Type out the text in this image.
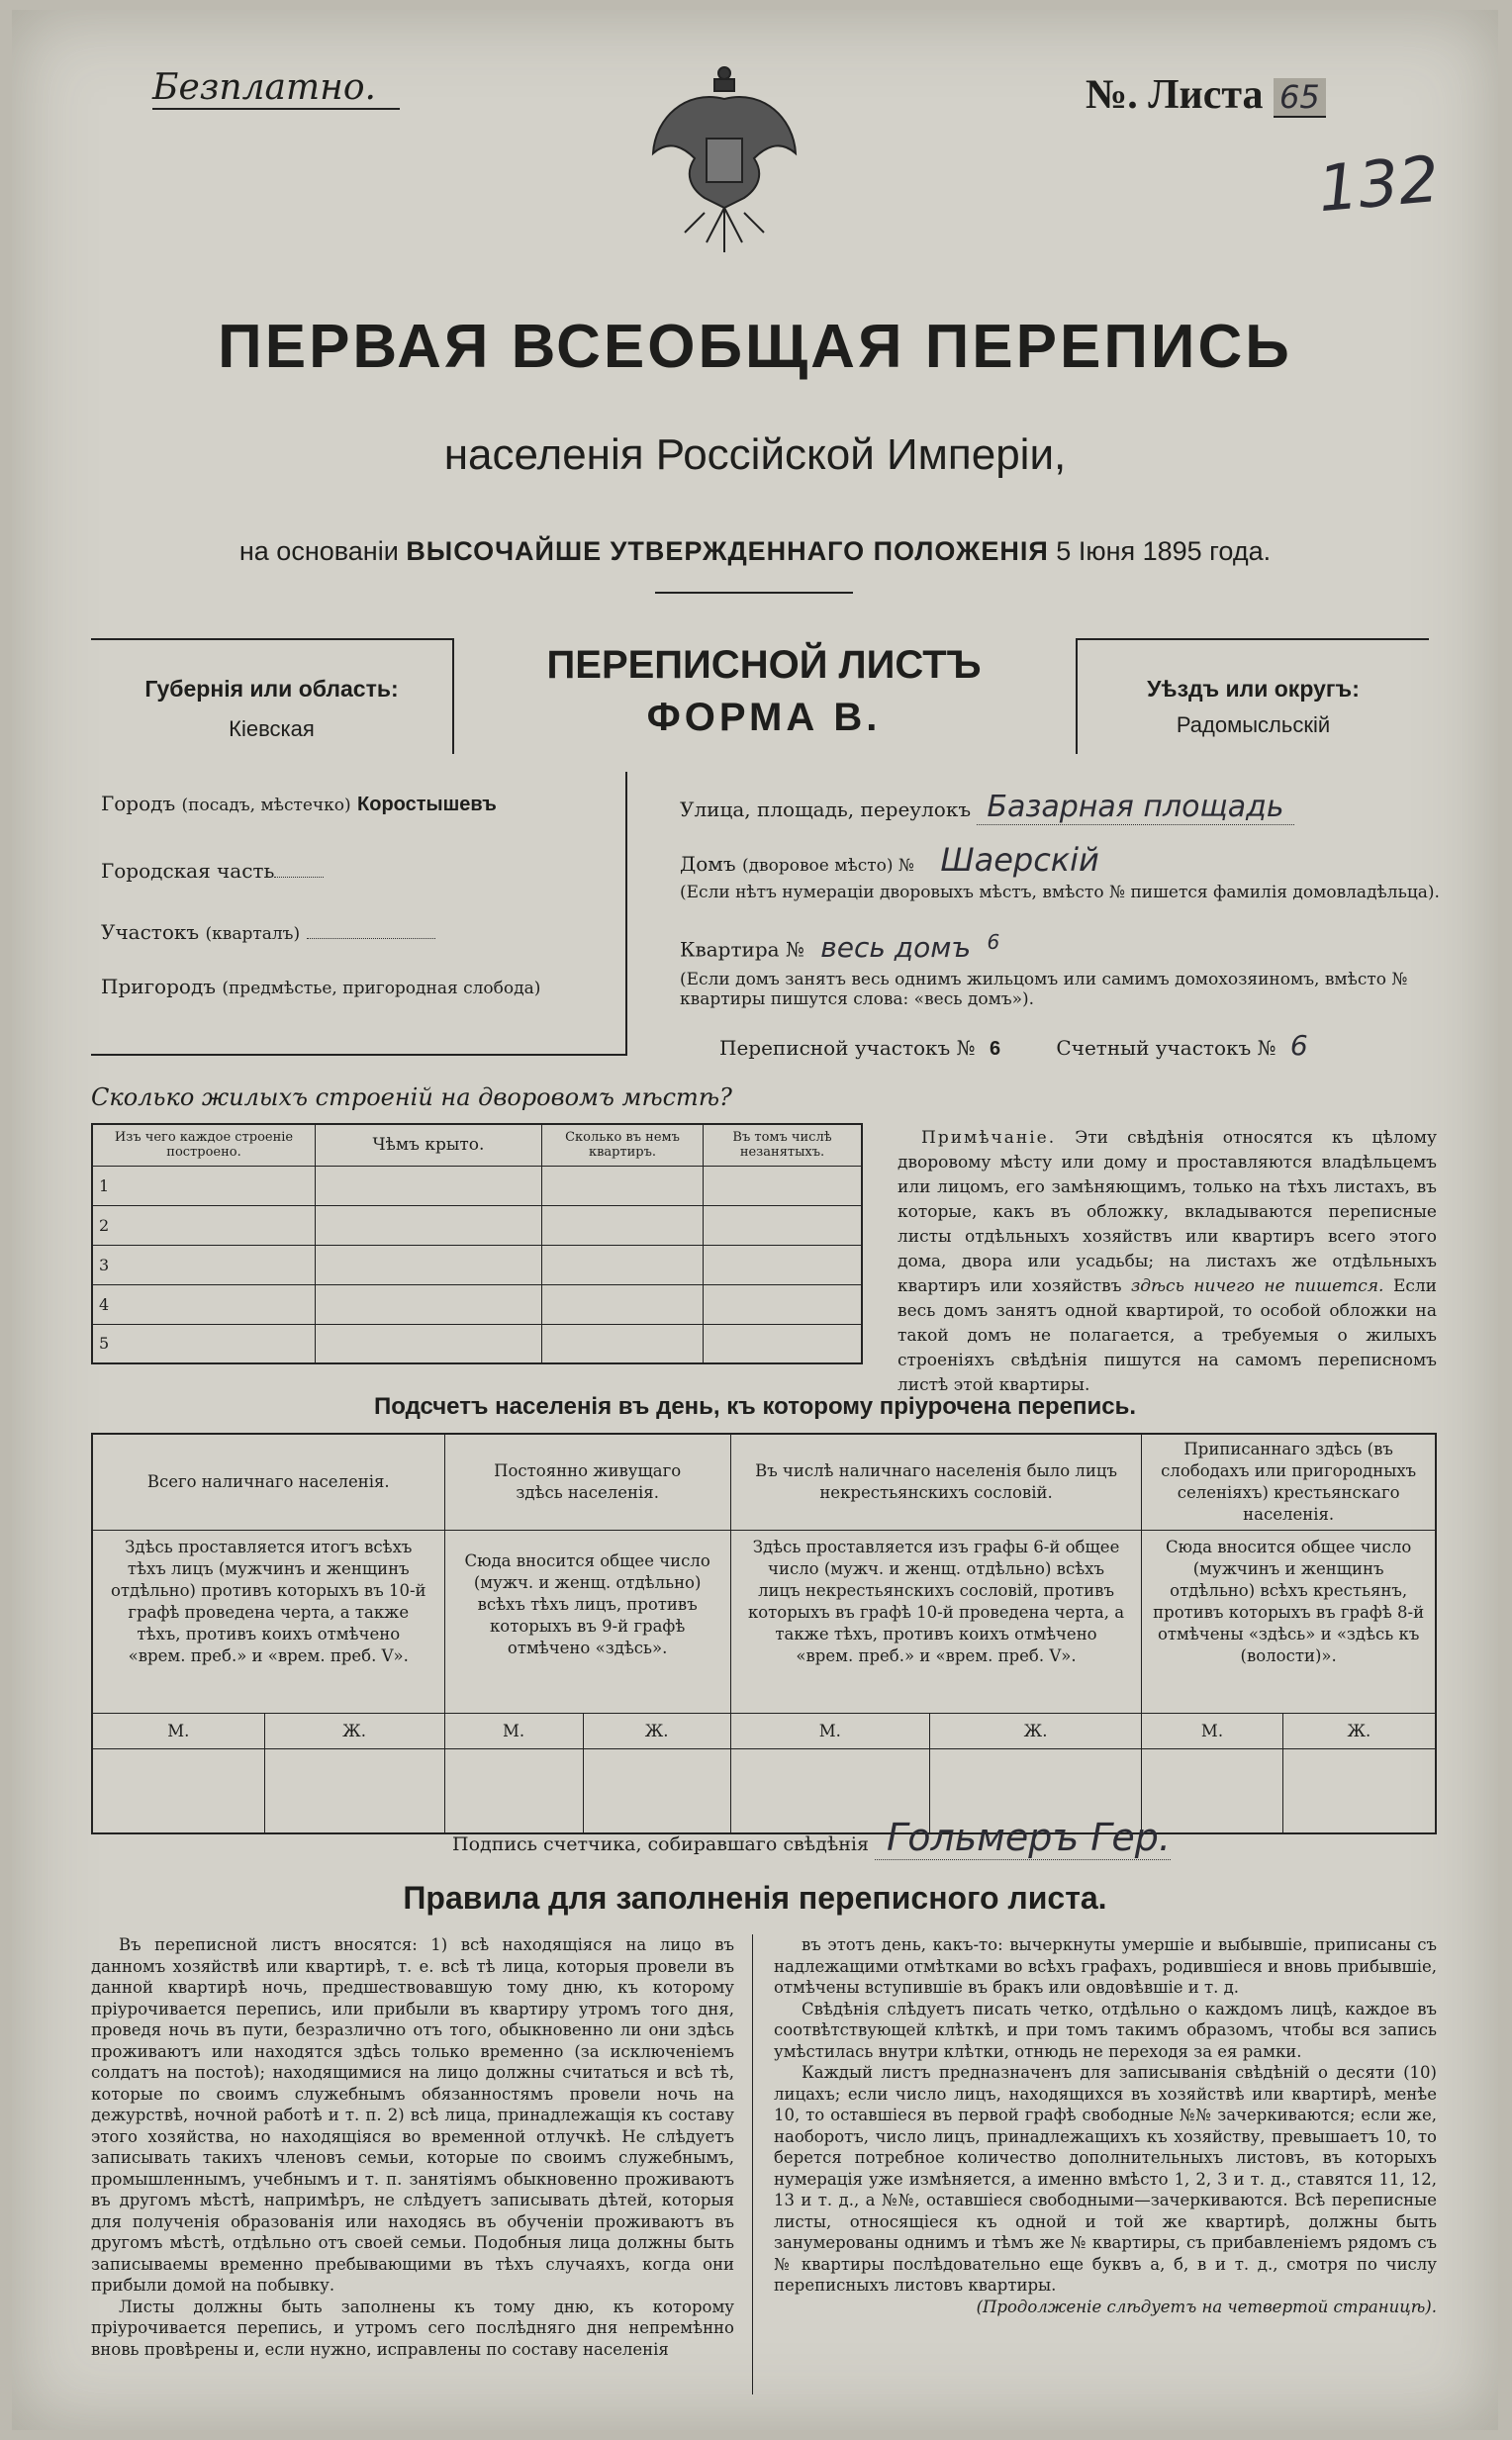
Безплатно.	№. Листа 65
132
ПЕРВАЯ ВСЕОБЩАЯ ПЕРЕПИСЬ
населенія Россійской Имперіи,
на основаніи ВЫСОЧАЙШЕ УТВЕРЖДЕННАГО ПОЛОЖЕНІЯ 5 Іюня 1895 года.
Губернія или область:
Кіевская
ПЕРЕПИСНОЙ ЛИСТЪ
ФОРМА В.
Уѣздъ или округъ:
Радомысльскій
Городъ (посадъ, мѣстечко) Коростышевъ
Городская часть
Участокъ (кварталъ)
Пригородъ (предмѣстье, пригородная слобода)
Улица, площадь, переулокъ Базарная площадь
Домъ (дворовое мѣсто) № Шаерскій
(Если нѣтъ нумераціи дворовыхъ мѣстъ, вмѣсто № пишется фамилія домовладѣльца).
Квартира № весь домъ $^6$
(Если домъ занятъ весь однимъ жильцомъ или самимъ домохозяиномъ, вмѣсто № квартиры пишутся слова: «весь домъ»).
Переписной участокъ № 6	Счетный участокъ № 6
Сколько жилыхъ строеній на дворовомъ мѣстѣ?
Изъ чего каждое строеніе построено.	Чѣмъ крыто.	Сколько въ немъ квартиръ.	Въ томъ числѣ незанятыхъ.
1			
2			
3			
4			
5			
Примѣчаніе. Эти свѣдѣнія относятся къ цѣлому дворовому мѣсту или дому и проставляются владѣльцемъ или лицомъ, его замѣняющимъ, только на тѣхъ листахъ, въ которые, какъ въ обложку, вкладываются переписные листы отдѣльныхъ хозяйствъ или квартиръ всего этого дома, двора или усадьбы; на листахъ же отдѣльныхъ квартиръ или хозяйствъ здѣсь ничего не пишется. Если весь домъ занятъ одной квартирой, то особой обложки на такой домъ не полагается, а требуемыя о жилыхъ строеніяхъ свѣдѣнія пишутся на самомъ переписномъ листѣ этой квартиры.
Подсчетъ населенія въ день, къ которому пріурочена перепись.
Всего наличнаго населенія.		Постоянно живущаго здѣсь населенія.		Въ числѣ наличнаго населенія было лицъ некрестьянскихъ сословій.		Приписаннаго здѣсь (въ слободахъ или пригородныхъ селеніяхъ) крестьянскаго населенія.	
Здѣсь проставляется итогъ всѣхъ тѣхъ лицъ (мужчинъ и женщинъ отдѣльно) противъ которыхъ въ 10-й графѣ проведена черта, а также тѣхъ, противъ коихъ отмѣчено «врем. преб.» и «врем. преб. V».		Сюда вносится общее число (мужч. и женщ. отдѣльно) всѣхъ тѣхъ лицъ, противъ которыхъ въ 9-й графѣ отмѣчено «здѣсь».		Здѣсь проставляется изъ графы 6-й общее число (мужч. и женщ. отдѣльно) всѣхъ лицъ некрестьянскихъ сословій, противъ которыхъ въ графѣ 10-й проведена черта, а также тѣхъ, противъ коихъ отмѣчено «врем. преб.» и «врем. преб. V».		Сюда вносится общее число (мужчинъ и женщинъ отдѣльно) всѣхъ крестьянъ, противъ которыхъ въ графѣ 8-й отмѣчены «здѣсь» и «здѣсь къ (волости)».	
М.	Ж.	М.	Ж.	М.	Ж.	М.	Ж.

Подпись счетчика, собиравшаго свѣдѣнія Гольмеръ Гер.
Правила для заполненія переписного листа.

Въ переписной листъ вносятся: 1) всѣ находящіяся на лицо въ данномъ хозяйствѣ или квартирѣ, т. е. всѣ тѣ лица, которыя провели въ данной квартирѣ ночь, предшествовавшую тому дню, къ которому пріурочивается перепись, или прибыли въ квартиру утромъ того дня, проведя ночь въ пути, безразлично отъ того, обыкновенно ли они здѣсь проживаютъ или находятся здѣсь только временно (за исключеніемъ солдатъ на постоѣ); находящимися на лицо должны считаться и всѣ тѣ, которые по своимъ служебнымъ обязанностямъ провели ночь на дежурствѣ, ночной работѣ и т. п. 2) всѣ лица, принадлежащія къ составу этого хозяйства, но находящіяся во временной отлучкѣ. Не слѣдуетъ записывать такихъ членовъ семьи, которые по своимъ служебнымъ, промышленнымъ, учебнымъ и т. п. занятіямъ обыкновенно проживаютъ въ другомъ мѣстѣ, напримѣръ, не слѣдуетъ записывать дѣтей, которыя для полученія образованія или находясь въ обученіи проживаютъ въ другомъ мѣстѣ, отдѣльно отъ своей семьи. Подобныя лица должны быть записываемы временно пребывающими въ тѣхъ случаяхъ, когда они прибыли домой на побывку.

Листы должны быть заполнены къ тому дню, къ которому пріурочивается перепись, и утромъ сего послѣдняго дня непремѣнно вновь провѣрены и, если нужно, исправлены по составу населенія

въ этотъ день, какъ-то: вычеркнуты умершіе и выбывшіе, приписаны съ надлежащими отмѣтками во всѣхъ графахъ, родившіеся и вновь прибывшіе, отмѣчены вступившіе въ бракъ или овдовѣвшіе и т. д.

Свѣдѣнія слѣдуетъ писать четко, отдѣльно о каждомъ лицѣ, каждое въ соотвѣтствующей клѣткѣ, и при томъ такимъ образомъ, чтобы вся запись умѣстилась внутри клѣтки, отнюдь не переходя за ея рамки.

Каждый листъ предназначенъ для записыванія свѣдѣній о десяти (10) лицахъ; если число лицъ, находящихся въ хозяйствѣ или квартирѣ, менѣе 10, то оставшіеся въ первой графѣ свободные №№ зачеркиваются; если же, наоборотъ, число лицъ, принадлежащихъ къ хозяйству, превышаетъ 10, то берется потребное количество дополнительныхъ листовъ, въ которыхъ нумерація уже измѣняется, а именно вмѣсто 1, 2, 3 и т. д., ставятся 11, 12, 13 и т. д., а №№, оставшіеся свободными—зачеркиваются. Всѣ переписные листы, относящіеся къ одной и той же квартирѣ, должны быть занумерованы однимъ и тѣмъ же № квартиры, съ прибавленіемъ рядомъ съ № квартиры послѣдовательно еще буквъ а, б, в и т. д., смотря по числу переписныхъ листовъ квартиры.

(Продолженіе слѣдуетъ на четвертой страницѣ).
